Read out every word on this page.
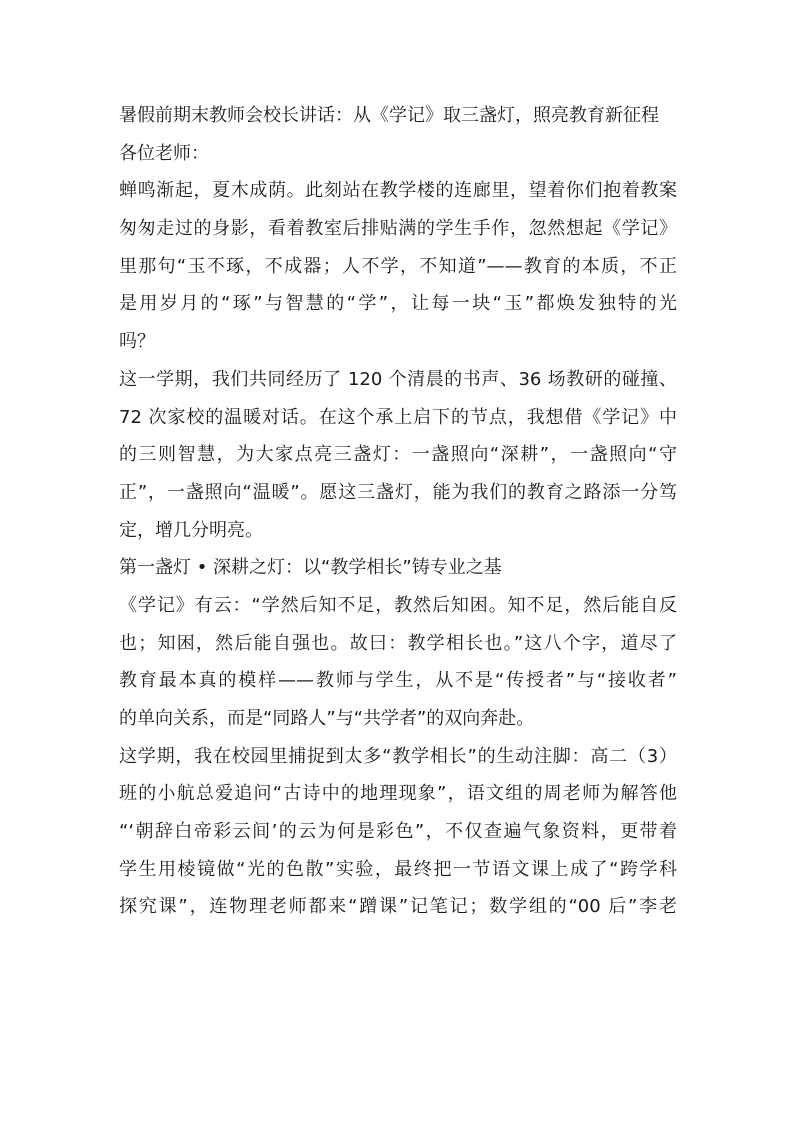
暑假前期末教师会校长讲话：从《学记》取三盏灯，照亮教育新征程
各位老师：
蝉鸣渐起，夏木成荫。此刻站在教学楼的连廊里，望着你们抱着教案
匆匆走过的身影，看着教室后排贴满的学生手作，忽然想起《学记》
里那句“玉不琢，不成器；人不学，不知道”——教育的本质，不正
是用岁月的“琢”与智慧的“学”，让每一块“玉”都焕发独特的光
吗？
这一学期，我们共同经历了 120 个清晨的书声、36 场教研的碰撞、
72 次家校的温暖对话。在这个承上启下的节点，我想借《学记》中
的三则智慧，为大家点亮三盏灯：一盏照向“深耕”，一盏照向“守
正”，一盏照向“温暖”。愿这三盏灯，能为我们的教育之路添一分笃
定，增几分明亮。
第一盏灯 • 深耕之灯：以“教学相长”铸专业之基
《学记》有云：“学然后知不足，教然后知困。知不足，然后能自反
也；知困，然后能自强也。故曰：教学相长也。”这八个字，道尽了
教育最本真的模样——教师与学生，从不是“传授者”与“接收者”
的单向关系，而是“同路人”与“共学者”的双向奔赴。
这学期，我在校园里捕捉到太多“教学相长”的生动注脚：高二（3）
班的小航总爱追问“古诗中的地理现象”，语文组的周老师为解答他
“‘朝辞白帝彩云间’的云为何是彩色”，不仅查遍气象资料，更带着
学生用棱镜做“光的色散”实验，最终把一节语文课上成了“跨学科
探究课”，连物理老师都来“蹭课”记笔记；数学组的“00 后”李老
